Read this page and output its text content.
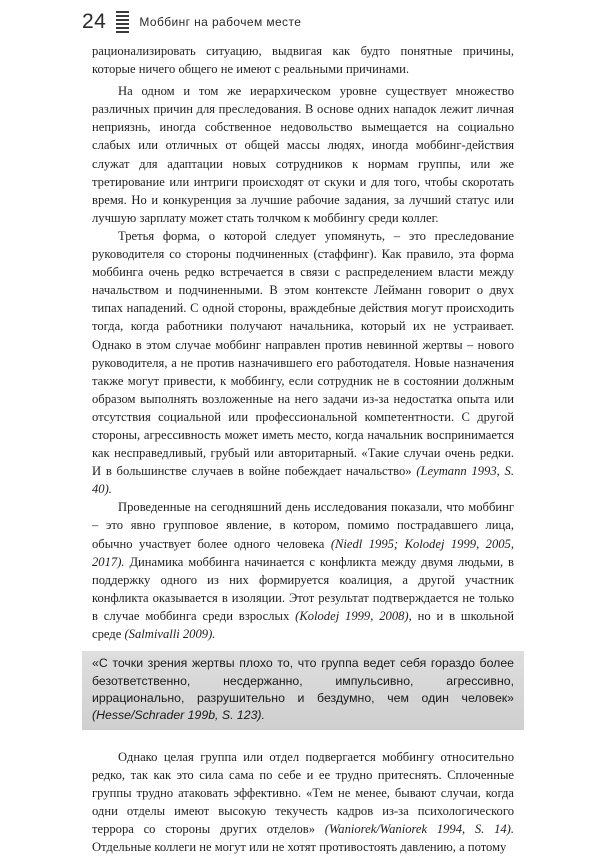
24	Моббинг на рабочем месте

рационализировать ситуацию, выдвигая как будто понятные причины, которые ничего общего не имеют с реальными причинами.

На одном и том же иерархическом уровне существует множество различных причин для преследования. В основе одних нападок лежит личная неприязнь, иногда собственное недовольство вымещается на социально слабых или отличных от общей массы людях, иногда моббинг-действия служат для адаптации новых сотрудников к нормам группы, или же третирование или интриги происходят от скуки и для того, чтобы скоротать время. Но и конкуренция за лучшие рабочие задания, за лучший статус или лучшую зарплату может стать толчком к моббингу среди коллег.

Третья форма, о которой следует упомянуть, – это преследование руководителя со стороны подчиненных (стаффинг). Как правило, эта форма моббинга очень редко встречается в связи с распределением власти между начальством и подчиненными. В этом контексте Лейманн говорит о двух типах нападений. С одной стороны, враждебные действия могут происходить тогда, когда работники получают начальника, который их не устраивает. Однако в этом случае моббинг направлен против невинной жертвы – нового руководителя, а не против назначившего его работодателя. Новые назначения также могут привести, к моббингу, если сотрудник не в состоянии должным образом выполнять возложенные на него задачи из-за недостатка опыта или отсутствия социальной или профессиональной компетентности. С другой стороны, агрессивность может иметь место, когда начальник воспринимается как несправедливый, грубый или авторитарный. «Такие случаи очень редки. И в большинстве случаев в войне побеждает начальство» (Leymann 1993, S. 40).

Проведенные на сегодняшний день исследования показали, что моббинг – это явно групповое явление, в котором, помимо пострадавшего лица, обычно участвует более одного человека (Niedl 1995; Kolodej 1999, 2005, 2017). Динамика моббинга начинается с конфликта между двумя людьми, в поддержку одного из них формируется коалиция, а другой участник конфликта оказывается в изоляции. Этот результат подтверждается не только в случае моббинга среди взрослых (Kolodej 1999, 2008), но и в школьной среде (Salmivalli 2009).

«С точки зрения жертвы плохо то, что группа ведет себя гораздо более безответственно, несдержанно, импульсивно, агрессивно, иррационально, разрушительно и бездумно, чем один человек» (Hesse/Schrader 199b, S. 123).

Однако целая группа или отдел подвергается моббингу относительно редко, так как это сила сама по себе и ее трудно притеснять. Сплоченные группы трудно атаковать эффективно. «Тем не менее, бывают случаи, когда одни отделы имеют высокую текучесть кадров из-за психологического террора со стороны других отделов» (Waniorek/Waniorek 1994, S. 14). Отдельные коллеги не могут или не хотят противостоять давлению, а потому
